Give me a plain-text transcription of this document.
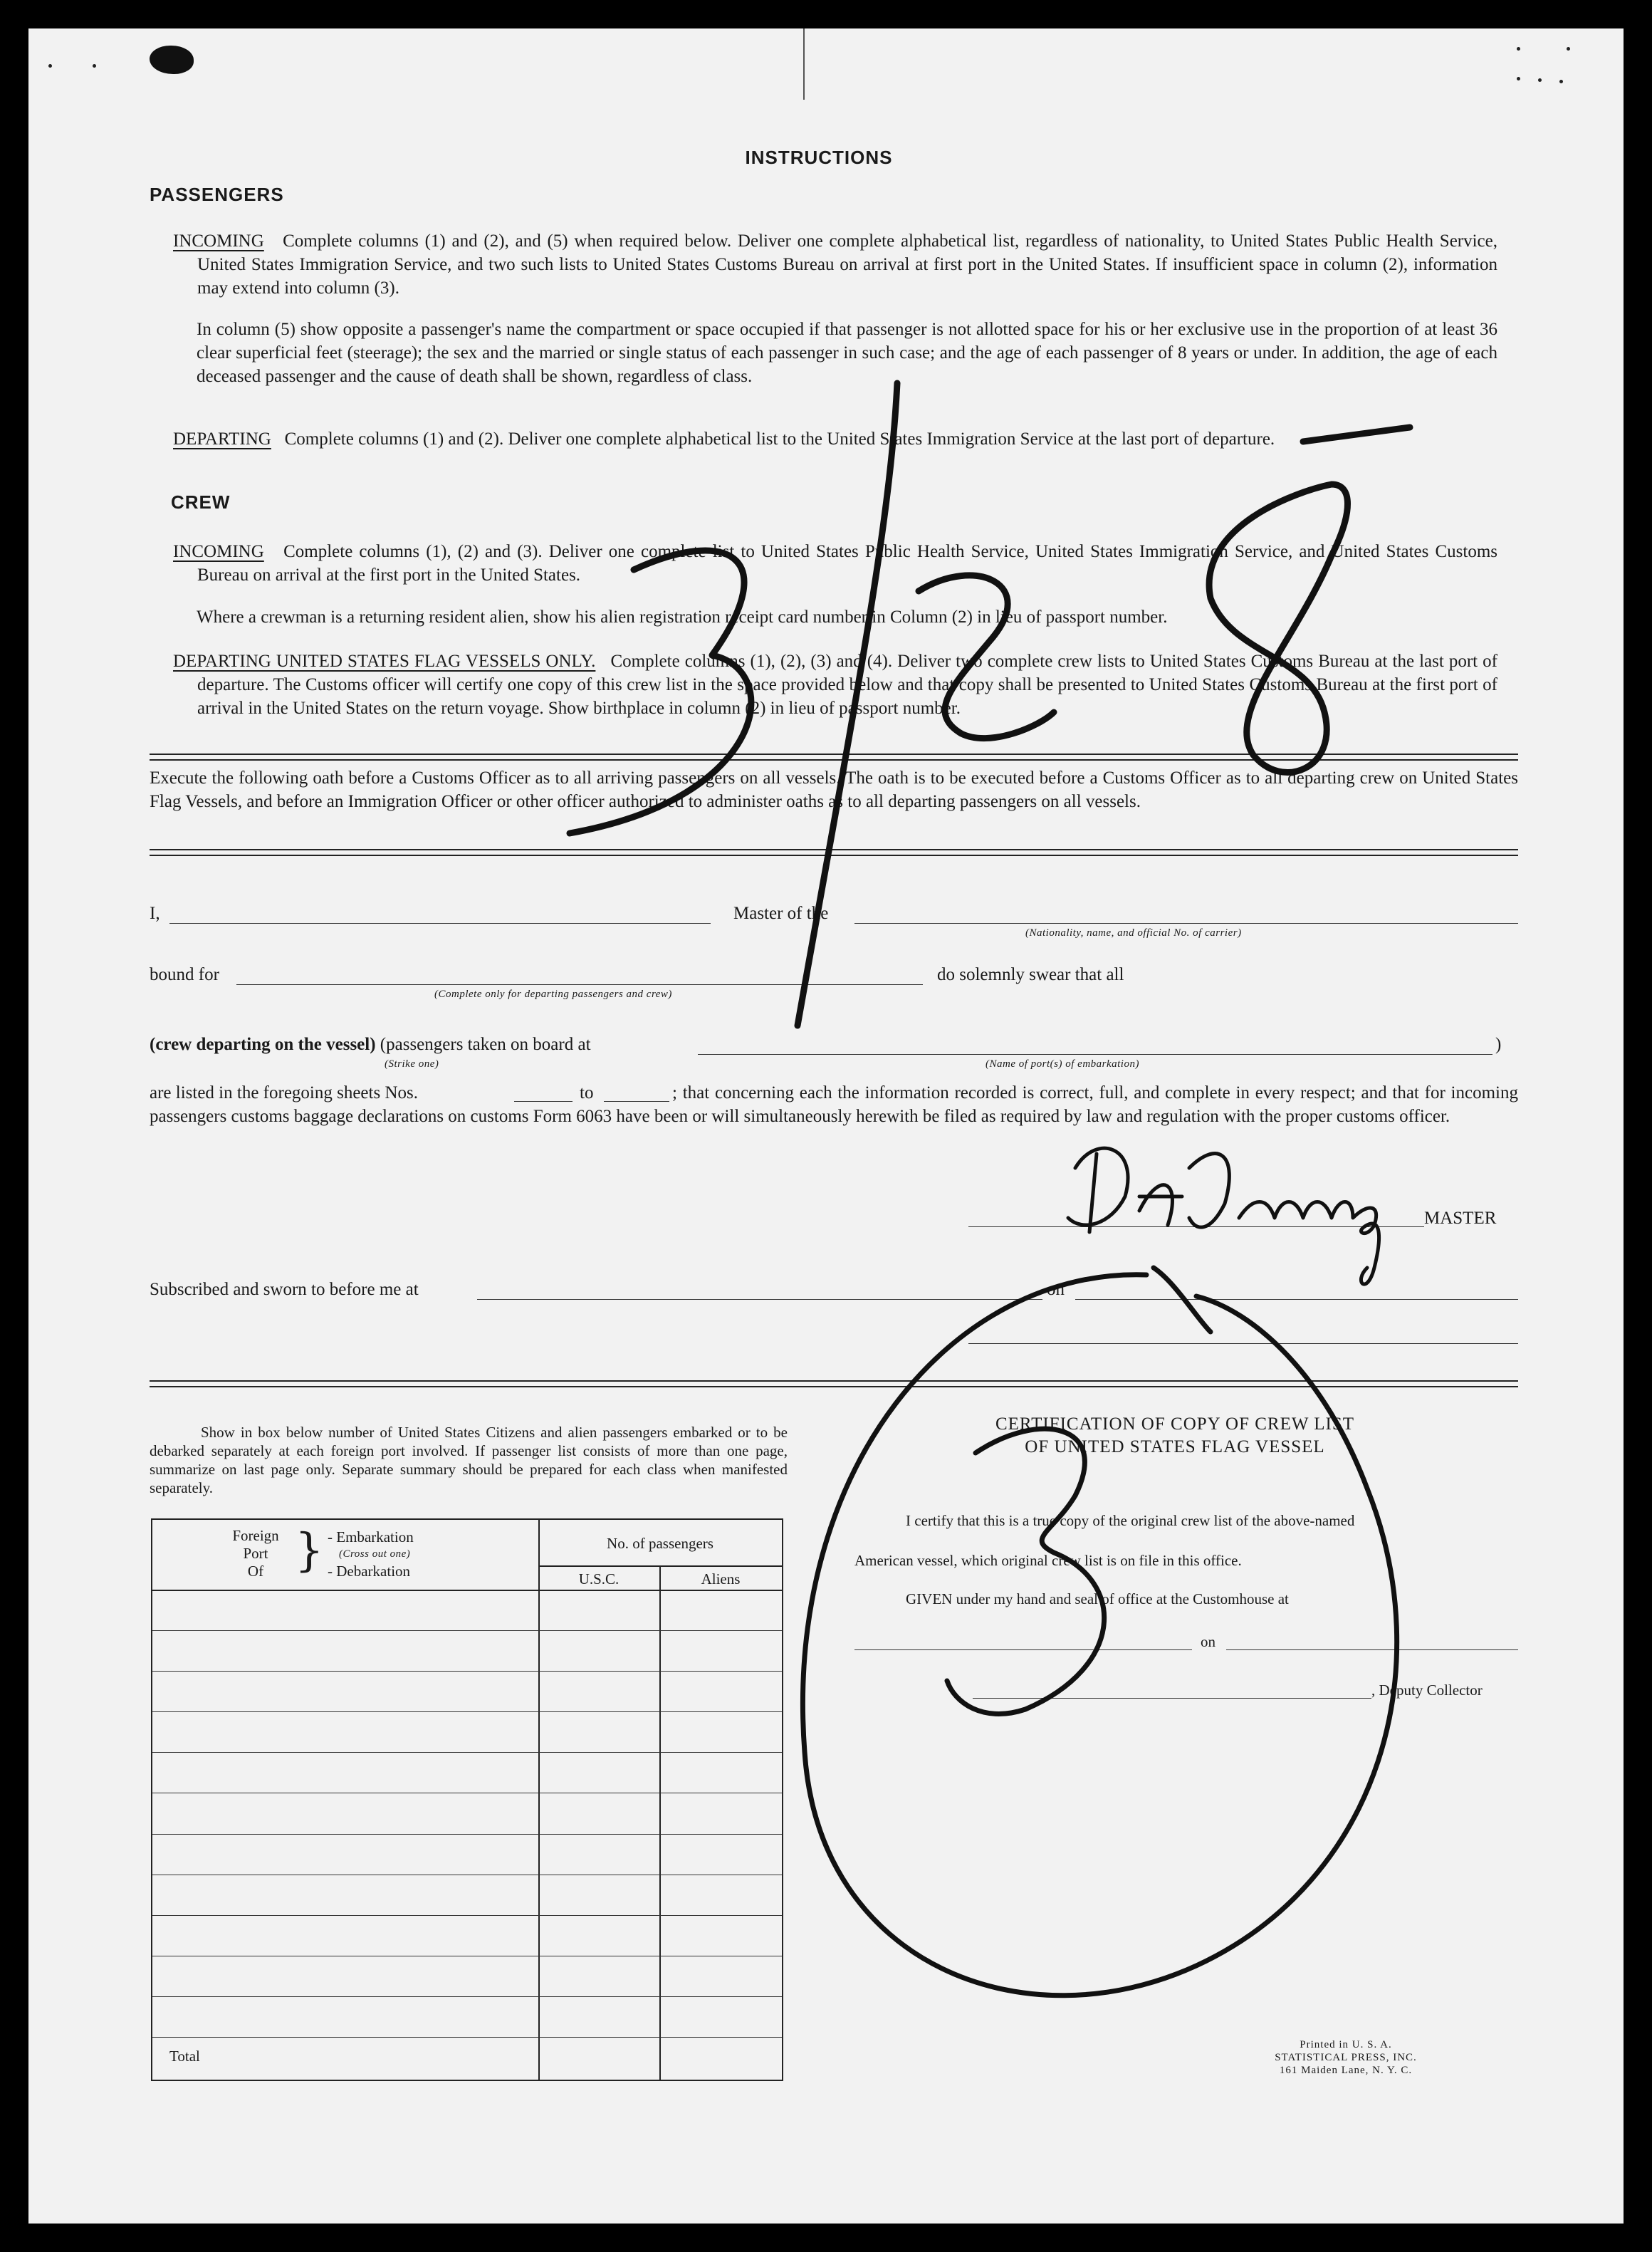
INSTRUCTIONS
PASSENGERS
INCOMING Complete columns (1) and (2), and (5) when required below. Deliver one complete alphabetical list, regardless of nationality, to United States Public Health Service, United States Immigration Service, and two such lists to United States Customs Bureau on arrival at first port in the United States. If insufficient space in column (2), information may extend into column (3).
In column (5) show opposite a passenger's name the compartment or space occupied if that passenger is not allotted space for his or her exclusive use in the proportion of at least 36 clear superficial feet (steerage); the sex and the married or single status of each passenger in such case; and the age of each passenger of 8 years or under. In addition, the age of each deceased passenger and the cause of death shall be shown, regardless of class.
DEPARTING Complete columns (1) and (2). Deliver one complete alphabetical list to the United States Immigration Service at the last port of departure.
CREW
INCOMING Complete columns (1), (2) and (3). Deliver one complete list to United States Public Health Service, United States Immigration Service, and United States Customs Bureau on arrival at the first port in the United States.
Where a crewman is a returning resident alien, show his alien registration receipt card number in Column (2) in lieu of passport number.
DEPARTING UNITED STATES FLAG VESSELS ONLY. Complete columns (1), (2), (3) and (4). Deliver two complete crew lists to United States Customs Bureau at the last port of departure. The Customs officer will certify one copy of this crew list in the space provided below and that copy shall be presented to United States Customs Bureau at the first port of arrival in the United States on the return voyage. Show birthplace in column (2) in lieu of passport number.
Execute the following oath before a Customs Officer as to all arriving passengers on all vessels. The oath is to be executed before a Customs Officer as to all departing crew on United States Flag Vessels, and before an Immigration Officer or other officer authorized to administer oaths as to all departing passengers on all vessels.
I,	Master of the
(Nationality, name, and official No. of carrier)
bound for
(Complete only for departing passengers and crew)
do solemnly swear that all
(crew departing on the vessel) (passengers taken on board at	)
(Strike one)	(Name of port(s) of embarkation)
are listed in the foregoing sheets Nos.	to	; that concerning each the information recorded is correct, full, and complete in every respect; and that for incoming passengers customs baggage declarations on customs Form 6063 have been or will simultaneously herewith be filed as required by law and regulation with the proper customs officer.
MASTER
Subscribed and sworn to before me at	on
Show in box below number of United States Citizens and alien passengers embarked or to be debarked separately at each foreign port involved. If passenger list consists of more than one page, summarize on last page only. Separate summary should be prepared for each class when manifested separately.
Foreign
Port
Of } - Embarkation
(Cross out one)
- Debarkation
No. of passengers
U.S.C.	Aliens
Total
CERTIFICATION OF COPY OF CREW LIST
OF UNITED STATES FLAG VESSEL
I certify that this is a true copy of the original crew list of the above-named
American vessel, which original crew list is on file in this office.
GIVEN under my hand and seal of office at the Customhouse at
on
, Deputy Collector
Printed in U. S. A.
STATISTICAL PRESS, INC.
161 Maiden Lane, N. Y. C.
